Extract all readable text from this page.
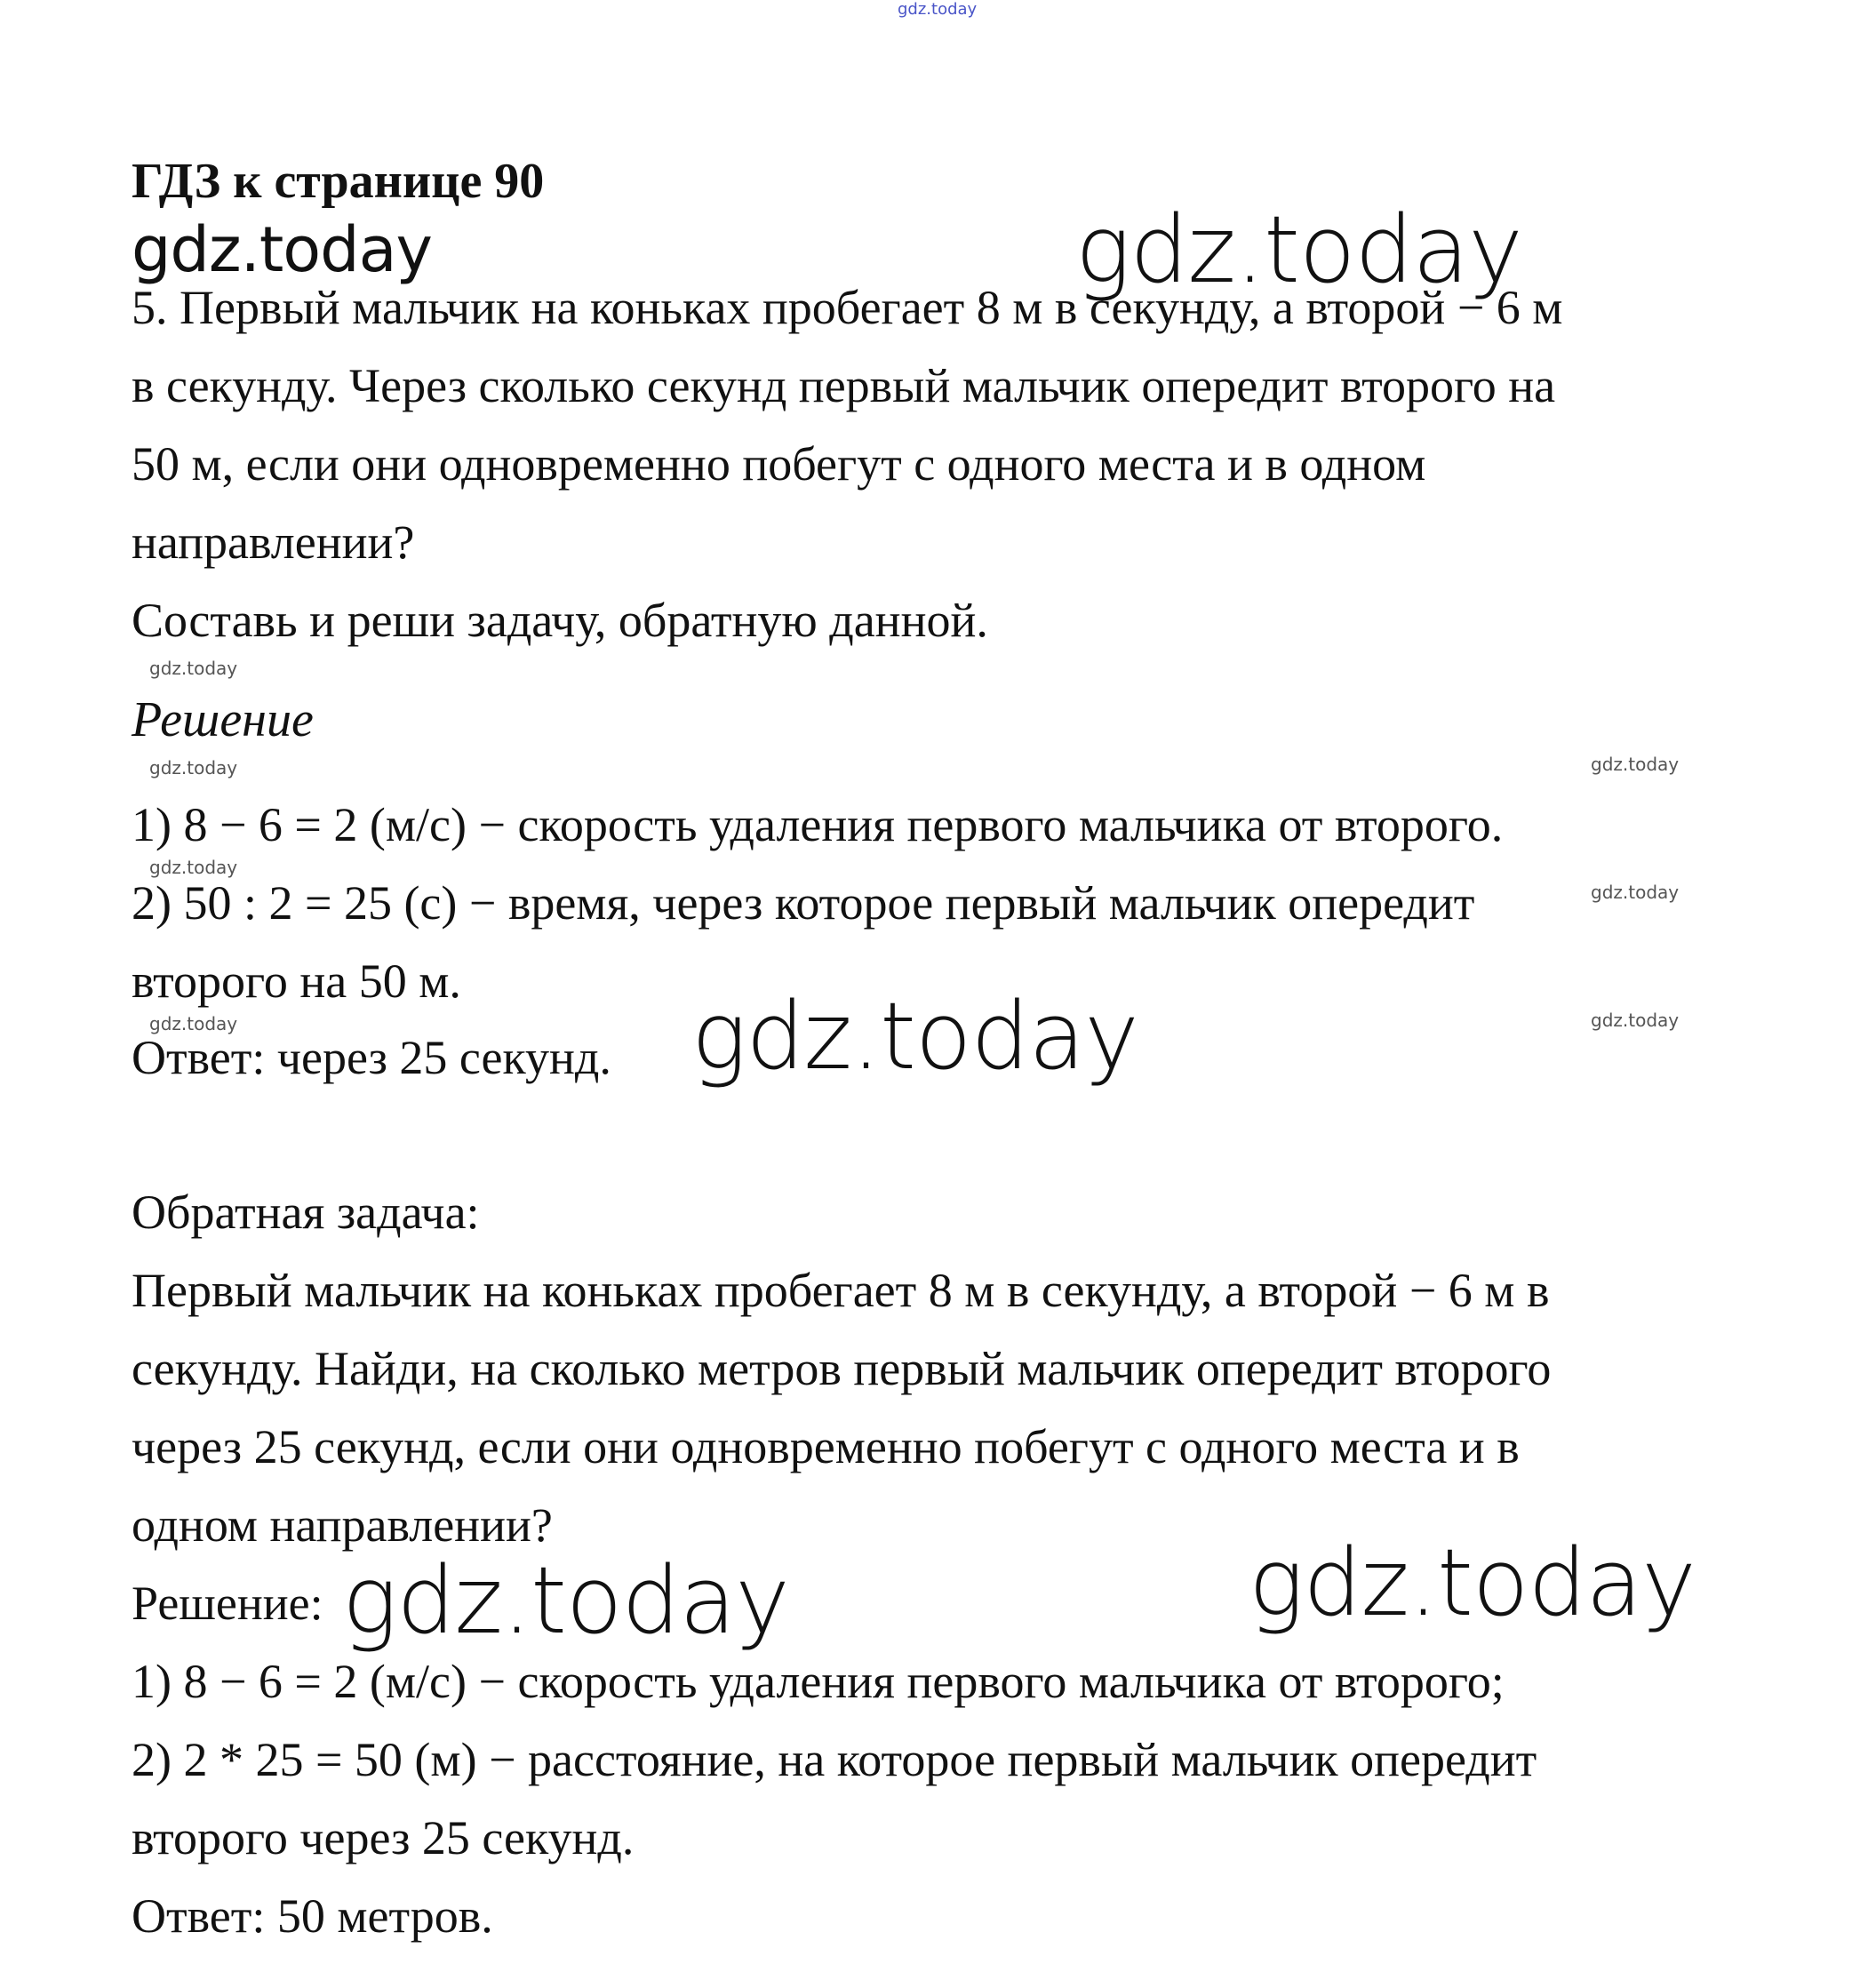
gdz.today
ГДЗ к странице 90
gdz.today	gdz.today
5. Первый мальчик на коньках пробегает 8 м в секунду, а второй − 6 м
в секунду. Через сколько секунд первый мальчик опередит второго на
50 м, если они одновременно побегут с одного места и в одном
направлении?
Составь и реши задачу, обратную данной.
gdz.today
Решение
gdz.today	gdz.today
1) 8 − 6 = 2 (м/с) − скорость удаления первого мальчика от второго.
gdz.today
2) 50 : 2 = 25 (с) − время, через которое первый мальчик опередит	gdz.today
второго на 50 м.
gdz.today	gdz.today
Ответ: через 25 секунд. gdz.today
Обратная задача:
Первый мальчик на коньках пробегает 8 м в секунду, а второй − 6 м в
секунду. Найди, на сколько метров первый мальчик опередит второго
через 25 секунд, если они одновременно побегут с одного места и в
одном направлении?
Решение: gdz.today	gdz.today
1) 8 − 6 = 2 (м/с) − скорость удаления первого мальчика от второго;
2) 2 * 25 = 50 (м) − расстояние, на которое первый мальчик опередит
второго через 25 секунд.
Ответ: 50 метров.
